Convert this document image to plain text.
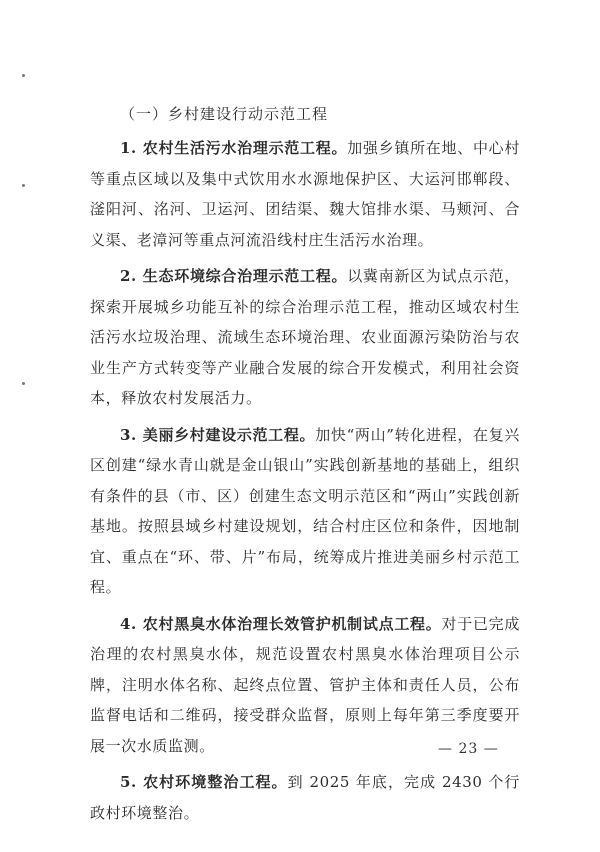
（一）乡村建设行动示范工程

1. 农村生活污水治理示范工程。加强乡镇所在地、中心村等重点区域以及集中式饮用水水源地保护区、大运河邯郸段、滏阳河、洺河、卫运河、团结渠、魏大馆排水渠、马颊河、合义渠、老漳河等重点河流沿线村庄生活污水治理。

2. 生态环境综合治理示范工程。以冀南新区为试点示范，探索开展城乡功能互补的综合治理示范工程，推动区域农村生活污水垃圾治理、流域生态环境治理、农业面源污染防治与农业生产方式转变等产业融合发展的综合开发模式，利用社会资本，释放农村发展活力。

3. 美丽乡村建设示范工程。加快“两山”转化进程，在复兴区创建“绿水青山就是金山银山”实践创新基地的基础上，组织有条件的县（市、区）创建生态文明示范区和“两山”实践创新基地。按照县域乡村建设规划，结合村庄区位和条件，因地制宜、重点在“环、带、片”布局，统筹成片推进美丽乡村示范工程。

4. 农村黑臭水体治理长效管护机制试点工程。对于已完成治理的农村黑臭水体，规范设置农村黑臭水体治理项目公示牌，注明水体名称、起终点位置、管护主体和责任人员，公布监督电话和二维码，接受群众监督，原则上每年第三季度要开展一次水质监测。

5. 农村环境整治工程。到 2025 年底，完成 2430 个行政村环境整治。

— 23 —
